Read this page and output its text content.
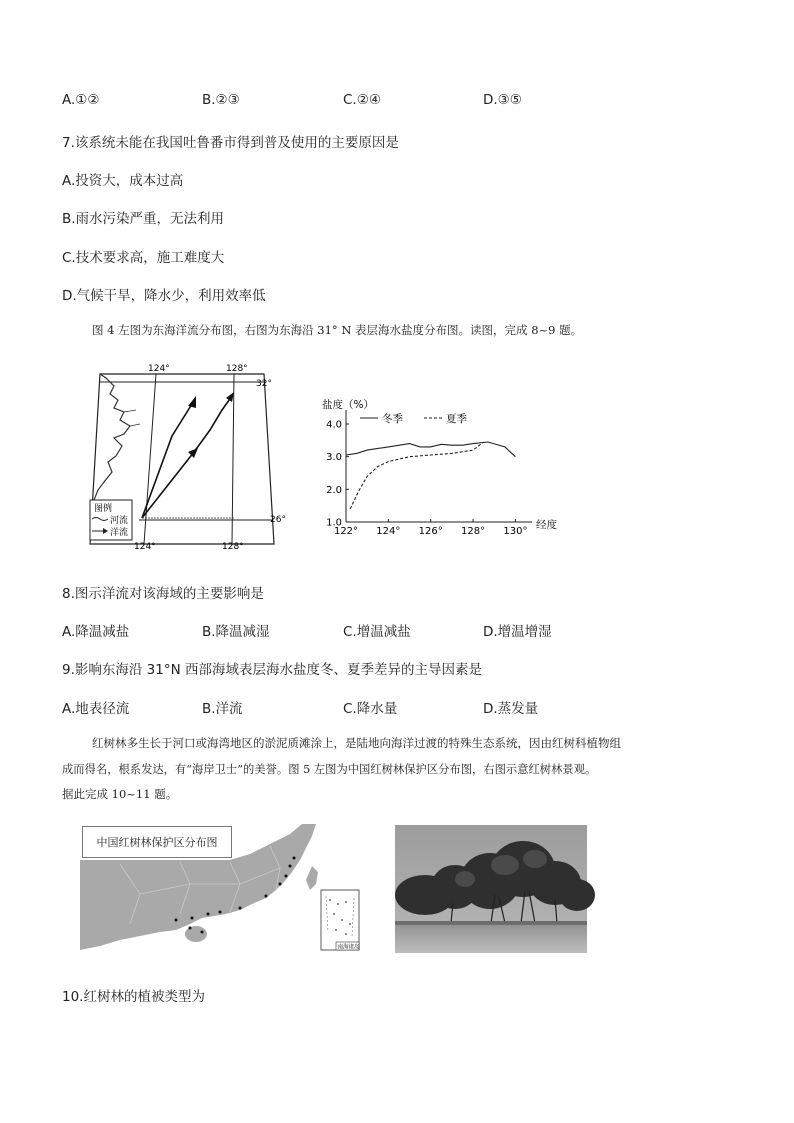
A.①②	B.②③	C.②④	D.③⑤
7.该系统未能在我国吐鲁番市得到普及使用的主要原因是
A.投资大，成本过高
B.雨水污染严重，无法利用
C.技术要求高，施工难度大
D.气候干旱，降水少，利用效率低
图 4 左图为东海洋流分布图，右图为东海沿 31° N 表层海水盐度分布图。读图，完成 8~9 题。
124°	128°
32°
26°
124°	128°
图例
河流
洋流	122° 124° 126° 128° 130°
1.0
2.0
3.0
4.0
盐度（%）
经度
冬季	夏季
8.图示洋流对该海域的主要影响是
A.降温减盐	B.降温减湿	C.增温减盐	D.增温增湿
9.影响东海沿 31°N 西部海域表层海水盐度冬、夏季差异的主导因素是
A.地表径流	B.洋流	C.降水量	D.蒸发量
红树林多生长于河口或海湾地区的淤泥质滩涂上，是陆地向海洋过渡的特殊生态系统，因由红树科植物组
成而得名，根系发达，有“海岸卫士”的美誉。图 5 左图为中国红树林保护区分布图，右图示意红树林景观。
据此完成 10~11 题。
南海诸岛
中国红树林保护区分布图
10.红树林的植被类型为
